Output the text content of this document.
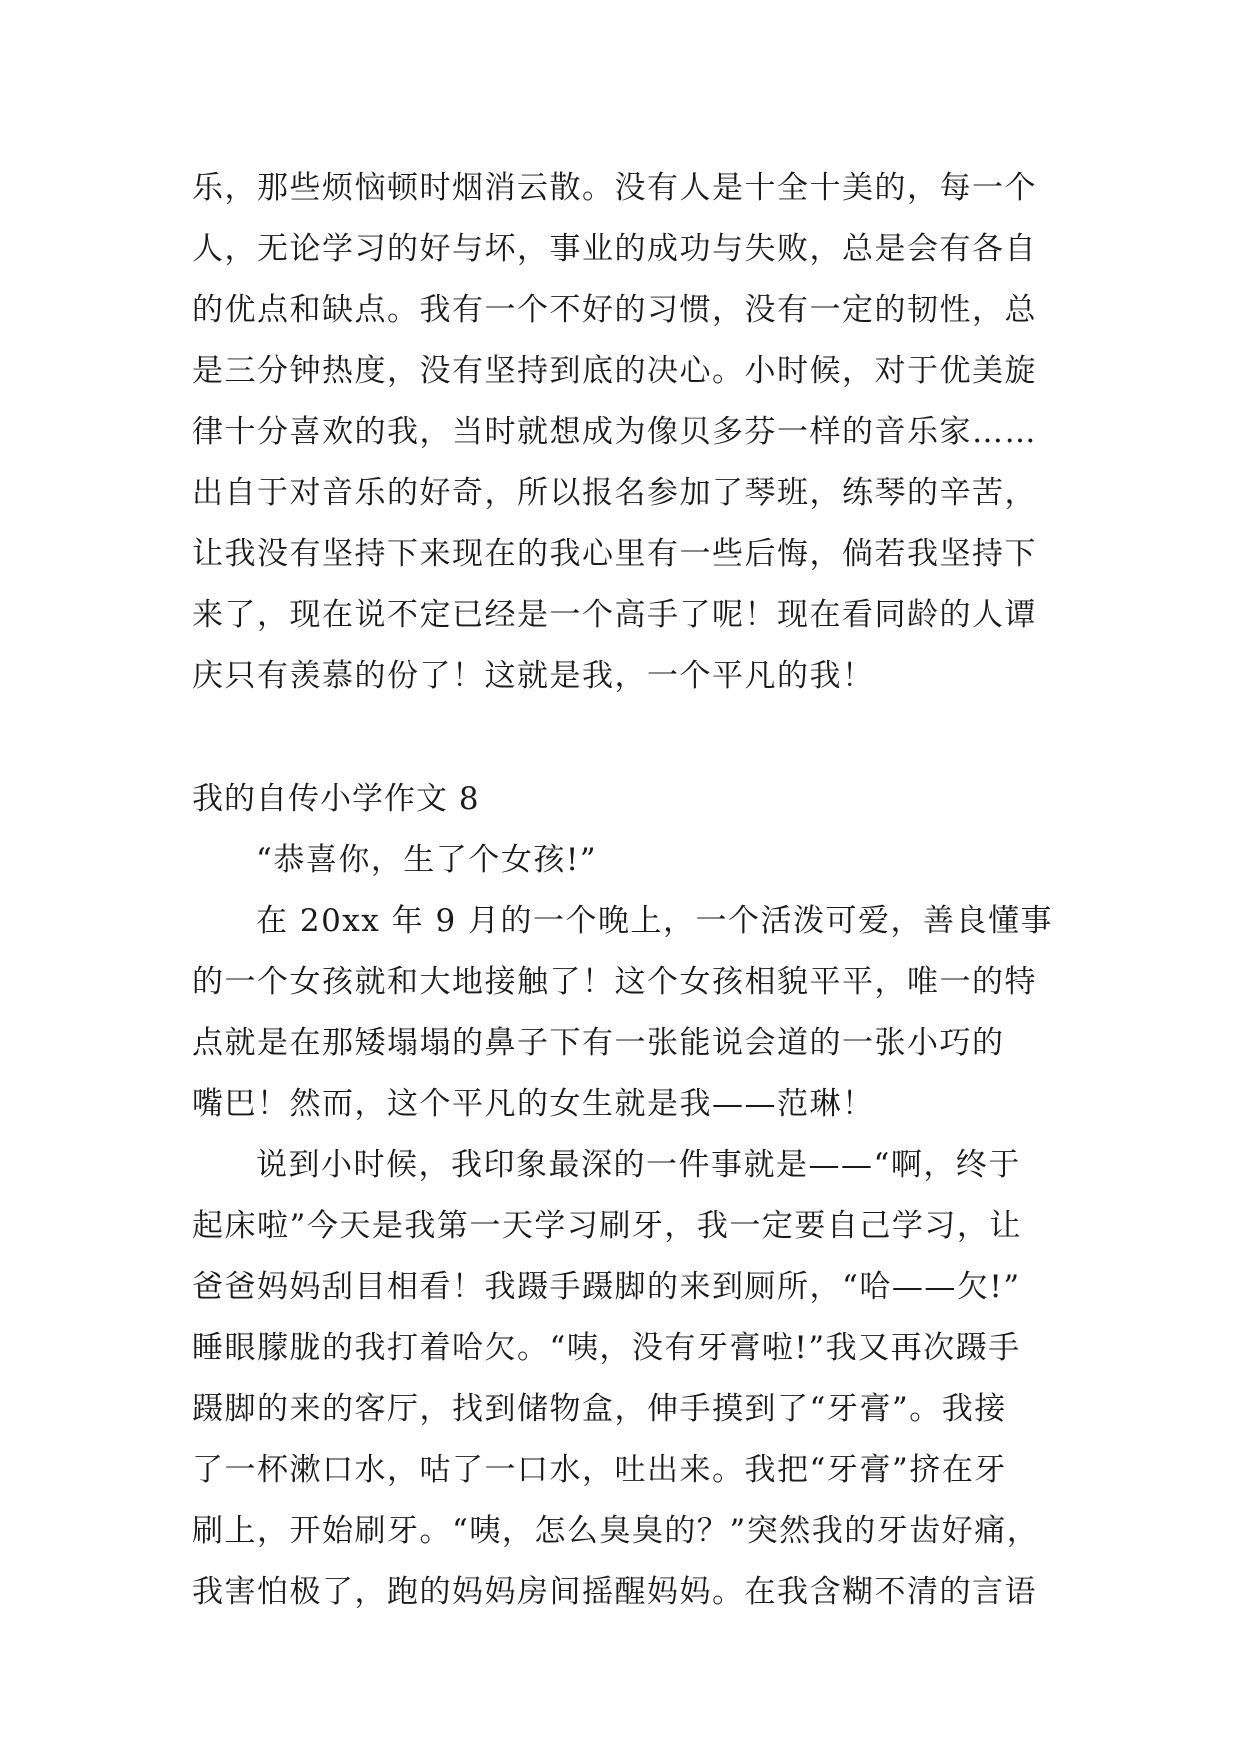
乐，那些烦恼顿时烟消云散。没有人是十全十美的，每一个
人，无论学习的好与坏，事业的成功与失败，总是会有各自
的优点和缺点。我有一个不好的习惯，没有一定的韧性，总
是三分钟热度，没有坚持到底的决心。小时候，对于优美旋
律十分喜欢的我，当时就想成为像贝多芬一样的音乐家……
出自于对音乐的好奇，所以报名参加了琴班，练琴的辛苦，
让我没有坚持下来现在的我心里有一些后悔，倘若我坚持下
来了，现在说不定已经是一个高手了呢！现在看同龄的人谭
庆只有羡慕的份了！这就是我，一个平凡的我！
我的自传小学作文 8
“恭喜你，生了个女孩!”
在 20xx 年 9 月的一个晚上，一个活泼可爱，善良懂事
的一个女孩就和大地接触了！这个女孩相貌平平，唯一的特
点就是在那矮塌塌的鼻子下有一张能说会道的一张小巧的
嘴巴！然而，这个平凡的女生就是我——范琳！
说到小时候，我印象最深的一件事就是——“啊，终于
起床啦”今天是我第一天学习刷牙，我一定要自己学习，让
爸爸妈妈刮目相看！我蹑手蹑脚的来到厕所，“哈——欠!”
睡眼朦胧的我打着哈欠。“咦，没有牙膏啦!”我又再次蹑手
蹑脚的来的客厅，找到储物盒，伸手摸到了“牙膏”。我接
了一杯漱口水，咕了一口水，吐出来。我把“牙膏”挤在牙
刷上，开始刷牙。“咦，怎么臭臭的？”突然我的牙齿好痛，
我害怕极了，跑的妈妈房间摇醒妈妈。在我含糊不清的言语
